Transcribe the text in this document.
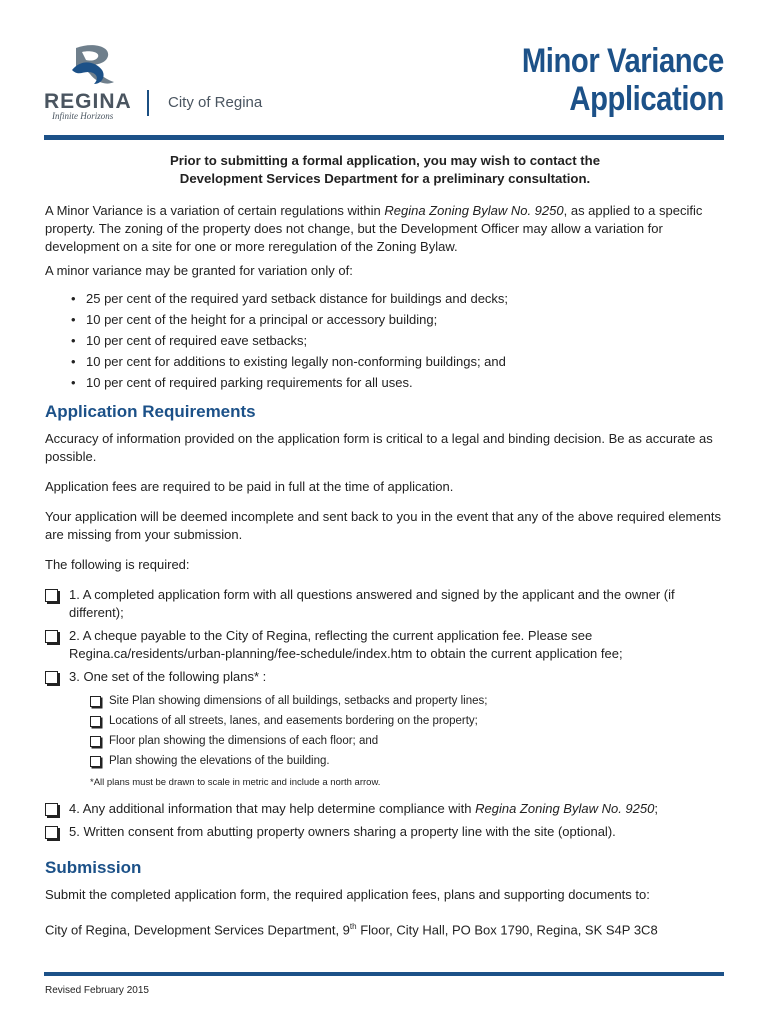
REGINA
Infinite Horizons
City of Regina
Minor Variance
Application
Prior to submitting a formal application, you may wish to contact the
Development Services Department for a preliminary consultation.

A Minor Variance is a variation of certain regulations within Regina Zoning Bylaw No. 9250, as applied to a specific property. The zoning of the property does not change, but the Development Officer may allow a variation for development on a site for one or more reregulation of the Zoning Bylaw.

A minor variance may be granted for variation only of:

• 25 per cent of the required yard setback distance for buildings and decks;
• 10 per cent of the height for a principal or accessory building;
• 10 per cent of required eave setbacks;
• 10 per cent for additions to existing legally non-conforming buildings; and
• 10 per cent of required parking requirements for all uses.
Application Requirements

Accuracy of information provided on the application form is critical to a legal and binding decision. Be as accurate as possible.

Application fees are required to be paid in full at the time of application.

Your application will be deemed incomplete and sent back to you in the event that any of the above required elements are missing from your submission.

The following is required:

1. A completed application form with all questions answered and signed by the applicant and the owner (if different);
2. A cheque payable to the City of Regina, reflecting the current application fee. Please see Regina.ca/residents/urban-planning/fee-schedule/index.htm to obtain the current application fee;
3. One set of the following plans* :
Site Plan showing dimensions of all buildings, setbacks and property lines;
Locations of all streets, lanes, and easements bordering on the property;
Floor plan showing the dimensions of each floor; and
Plan showing the elevations of the building.
*All plans must be drawn to scale in metric and include a north arrow.
4. Any additional information that may help determine compliance with Regina Zoning Bylaw No. 9250;
5. Written consent from abutting property owners sharing a property line with the site (optional).
Submission

Submit the completed application form, the required application fees, plans and supporting documents to:

City of Regina, Development Services Department, 9th Floor, City Hall, PO Box 1790, Regina, SK S4P 3C8

Revised February 2015
